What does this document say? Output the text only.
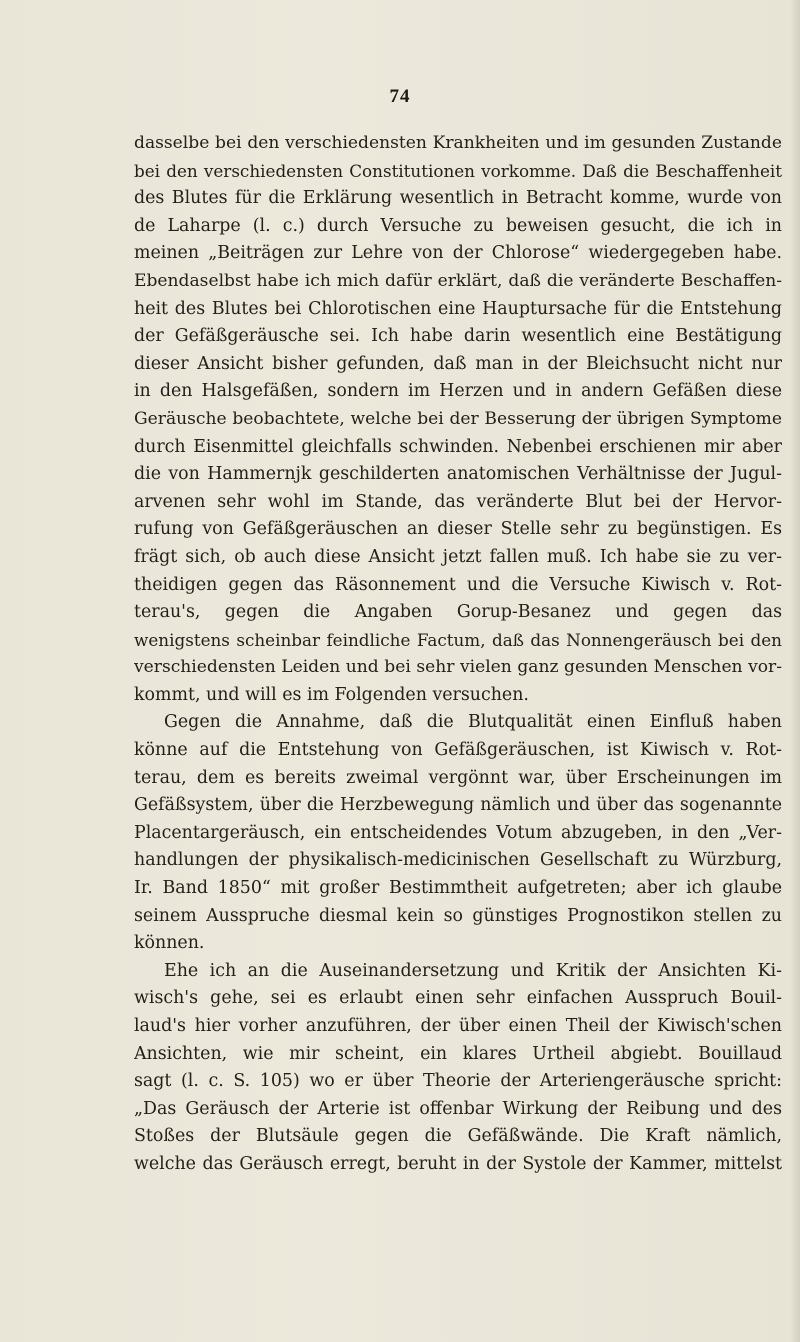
74
dasselbe bei den verschiedensten Krankheiten und im gesunden Zustande
bei den verschiedensten Constitutionen vorkomme. Daß die Beschaffenheit
des Blutes für die Erklärung wesentlich in Betracht komme, wurde von
de Laharpe (l. c.) durch Versuche zu beweisen gesucht, die ich in
meinen „Beiträgen zur Lehre von der Chlorose“ wiedergegeben habe.
Ebendaselbst habe ich mich dafür erklärt, daß die veränderte Beschaffen-
heit des Blutes bei Chlorotischen eine Hauptursache für die Entstehung
der Gefäßgeräusche sei. Ich habe darin wesentlich eine Bestätigung
dieser Ansicht bisher gefunden, daß man in der Bleichsucht nicht nur
in den Halsgefäßen, sondern im Herzen und in andern Gefäßen diese
Geräusche beobachtete, welche bei der Besserung der übrigen Symptome
durch Eisenmittel gleichfalls schwinden. Nebenbei erschienen mir aber
die von Hammernjk geschilderten anatomischen Verhältnisse der Jugul-
arvenen sehr wohl im Stande, das veränderte Blut bei der Hervor-
rufung von Gefäßgeräuschen an dieser Stelle sehr zu begünstigen. Es
frägt sich, ob auch diese Ansicht jetzt fallen muß. Ich habe sie zu ver-
theidigen gegen das Räsonnement und die Versuche Kiwisch v. Rot-
terau's, gegen die Angaben Gorup-Besanez und gegen das
wenigstens scheinbar feindliche Factum, daß das Nonnengeräusch bei den
verschiedensten Leiden und bei sehr vielen ganz gesunden Menschen vor-
kommt, und will es im Folgenden versuchen.
Gegen die Annahme, daß die Blutqualität einen Einfluß haben
könne auf die Entstehung von Gefäßgeräuschen, ist Kiwisch v. Rot-
terau, dem es bereits zweimal vergönnt war, über Erscheinungen im
Gefäßsystem, über die Herzbewegung nämlich und über das sogenannte
Placentargeräusch, ein entscheidendes Votum abzugeben, in den „Ver-
handlungen der physikalisch-medicinischen Gesellschaft zu Würzburg,
Ir. Band 1850“ mit großer Bestimmtheit aufgetreten; aber ich glaube
seinem Ausspruche diesmal kein so günstiges Prognostikon stellen zu
können.
Ehe ich an die Auseinandersetzung und Kritik der Ansichten Ki-
wisch's gehe, sei es erlaubt einen sehr einfachen Ausspruch Bouil-
laud's hier vorher anzuführen, der über einen Theil der Kiwisch'schen
Ansichten, wie mir scheint, ein klares Urtheil abgiebt. Bouillaud
sagt (l. c. S. 105) wo er über Theorie der Arteriengeräusche spricht:
„Das Geräusch der Arterie ist offenbar Wirkung der Reibung und des
Stoßes der Blutsäule gegen die Gefäßwände. Die Kraft nämlich,
welche das Geräusch erregt, beruht in der Systole der Kammer, mittelst
